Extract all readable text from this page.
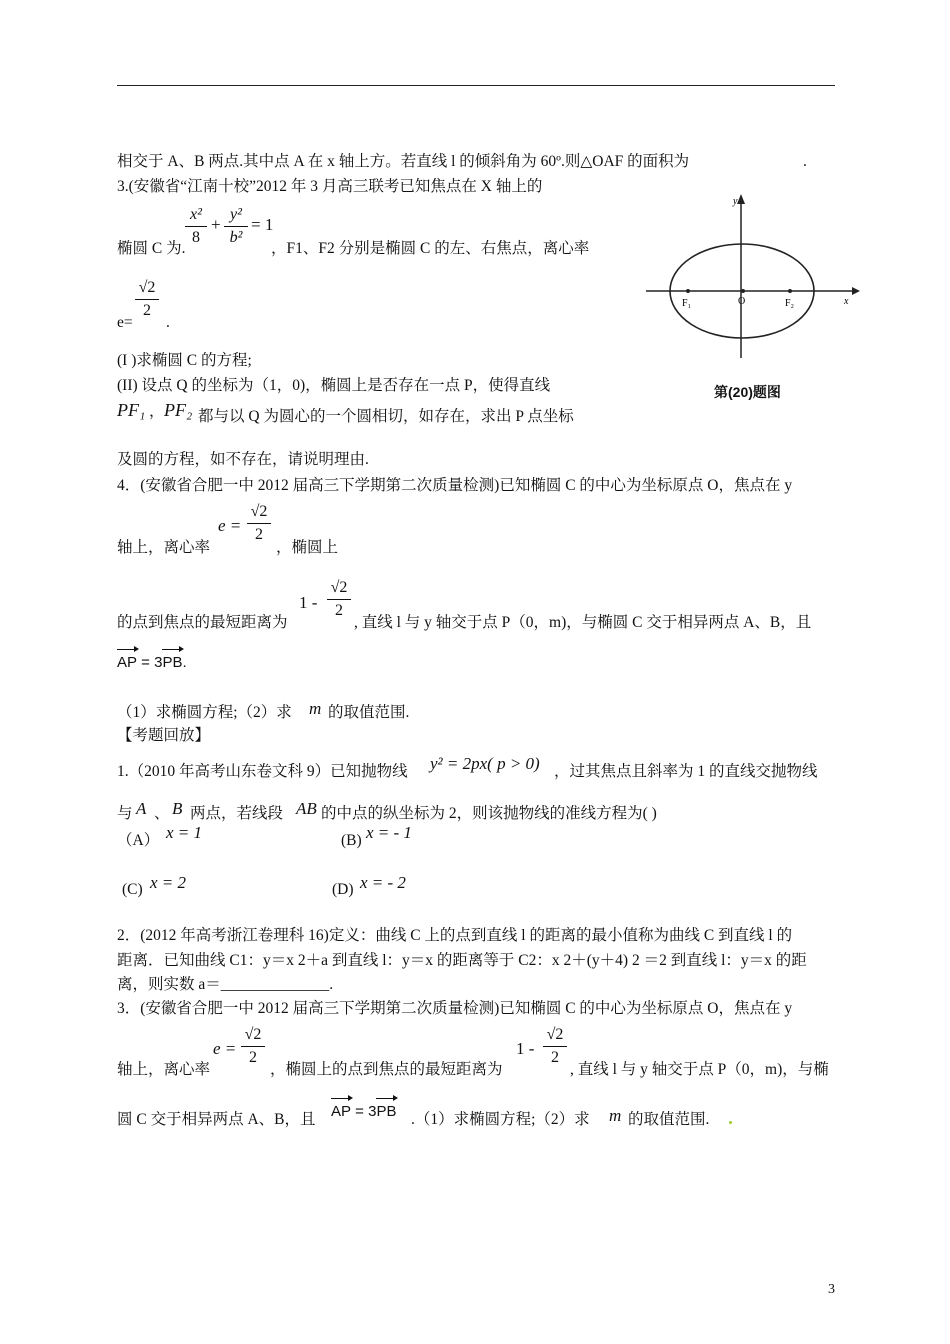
相交于 A、B 两点.其中点 A 在 x 轴上方。若直线 l 的倾斜角为 60º.则△OAF 的面积为	.
3.(安徽省“江南十校”2012 年 3 月高三联考已知焦点在 X 轴上的
x²
8
+
y²
b²
= 1
椭圆 C 为.	，F1、F2 分别是椭圆 C 的左、右焦点，离心率
e=
√2
2
.
(I )求椭圆 C 的方程;
(II) 设点 Q 的坐标为（1，0)，椭圆上是否存在一点 P，使得直线
PF₁ ， PF₂ 都与以 Q 为圆心的一个圆相切，如存在，求出 P 点坐标
及圆的方程，如不存在，请说明理由.
y
x
F₁	O	F₂
第(20)题图
4．(安徽省合肥一中 2012 届高三下学期第二次质量检测)已知椭圆 C 的中心为坐标原点 O，焦点在 y
e =
√2
2
轴上，离心率	，椭圆上
1 -
√2
2
的点到焦点的最短距离为	, 直线 l 与 y 轴交于点 P（0，m)，与椭圆 C 交于相异两点 A、B，且
AP = 3PB.
（1）求椭圆方程;（2）求 m 的取值范围.
【考题回放】
1.（2010 年高考山东卷文科 9）已知抛物线 y² = 2px( p > 0) ，过其焦点且斜率为 1 的直线交抛物线
与 A 、 B 两点，若线段 AB 的中点的纵坐标为 2，则该抛物线的准线方程为( )
（A） x = 1	(B) x = - 1
(C) x = 2	(D) x = - 2
2．(2012 年高考浙江卷理科 16)定义：曲线 C 上的点到直线 l 的距离的最小值称为曲线 C 到直线 l 的
距离．已知曲线 C1：y＝x 2＋a 到直线 l：y＝x 的距离等于 C2：x 2＋(y＋4) 2 ＝2 到直线 l：y＝x 的距
离，则实数 a＝______________.
3．(安徽省合肥一中 2012 届高三下学期第二次质量检测)已知椭圆 C 的中心为坐标原点 O，焦点在 y
e =
√2
2
轴上，离心率	，椭圆上的点到焦点的最短距离为
1 -
√2
2
, 直线 l 与 y 轴交于点 P（0，m)，与椭
圆 C 交于相异两点 A、B，且 AP = 3PB .（1）求椭圆方程;（2）求 m 的取值范围.
3
